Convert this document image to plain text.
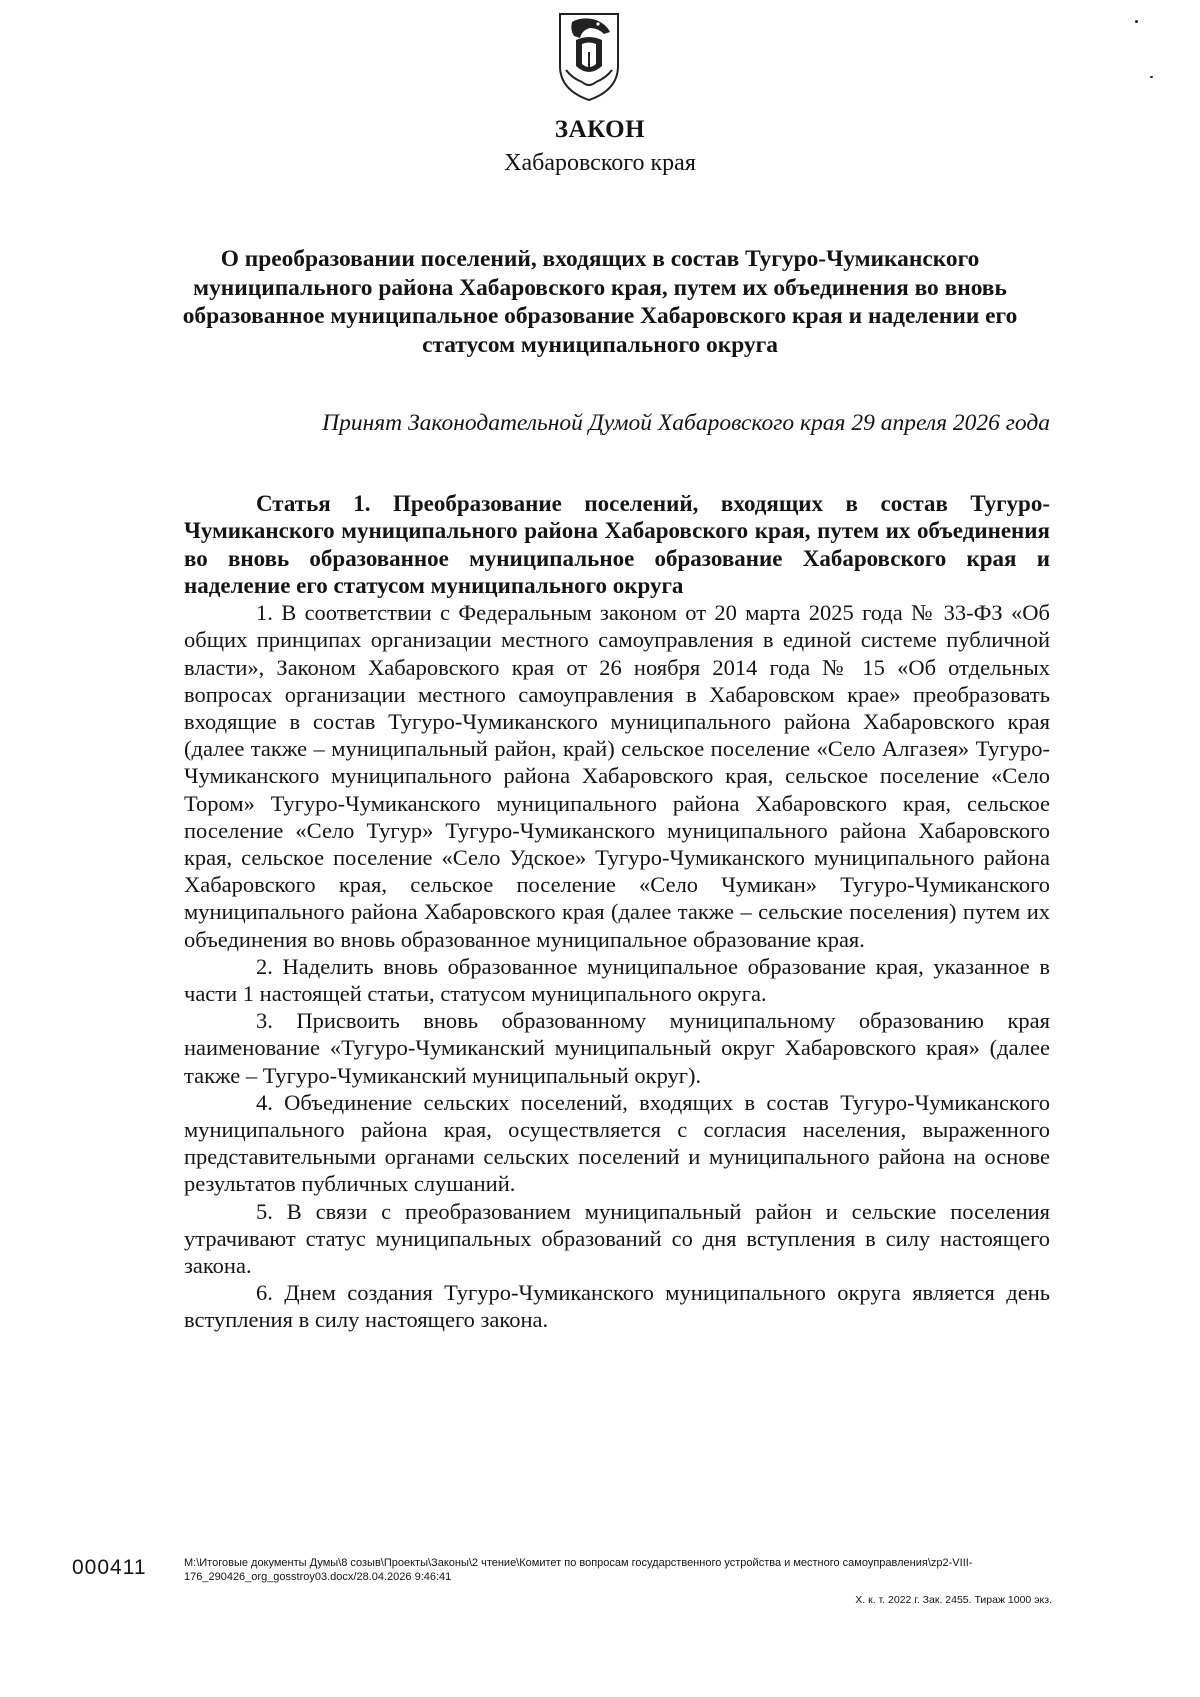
ЗАКОН
Хабаровского края
О преобразовании поселений, входящих в состав Тугуро-Чумиканского муниципального района Хабаровского края, путем их объединения во вновь образованное муниципальное образование Хабаровского края и наделении его статусом муниципального округа
Принят Законодательной Думой Хабаровского края 29 апреля 2026 года

Статья 1. Преобразование поселений, входящих в состав Тугуро-Чумиканского муниципального района Хабаровского края, путем их объединения во вновь образованное муниципальное образование Хабаровского края и наделение его статусом муниципального округа

1. В соответствии с Федеральным законом от 20 марта 2025 года № 33-ФЗ «Об общих принципах организации местного самоуправления в единой системе публичной власти», Законом Хабаровского края от 26 ноября 2014 года № 15 «Об отдельных вопросах организации местного самоуправления в Хабаровском крае» преобразовать входящие в состав Тугуро-Чумиканского муниципального района Хабаровского края (далее также – муниципальный район, край) сельское поселение «Село Алгазея» Тугуро-Чумиканского муниципального района Хабаровского края, сельское поселение «Село Тором» Тугуро-Чумиканского муниципального района Хабаровского края, сельское поселение «Село Тугур» Тугуро-Чумиканского муниципального района Хабаровского края, сельское поселение «Село Удское» Тугуро-Чумиканского муниципального района Хабаровского края, сельское поселение «Село Чумикан» Тугуро-Чумиканского муниципального района Хабаровского края (далее также – сельские поселения) путем их объединения во вновь образованное муниципальное образование края.

2. Наделить вновь образованное муниципальное образование края, указанное в части 1 настоящей статьи, статусом муниципального округа.

3. Присвоить вновь образованному муниципальному образованию края наименование «Тугуро-Чумиканский муниципальный округ Хабаровского края» (далее также – Тугуро-Чумиканский муниципальный округ).

4. Объединение сельских поселений, входящих в состав Тугуро-Чумиканского муниципального района края, осуществляется с согласия населения, выраженного представительными органами сельских поселений и муниципального района на основе результатов публичных слушаний.

5. В связи с преобразованием муниципальный район и сельские поселения утрачивают статус муниципальных образований со дня вступления в силу настоящего закона.

6. Днем создания Тугуро-Чумиканского муниципального округа является день вступления в силу настоящего закона.

000411	M:\Итоговые документы Думы\8 созыв\Проекты\Законы\2 чтение\Комитет по вопросам государственного устройства и местного самоуправления\zp2-VIII-176_290426_org_gosstroy03.docx/28.04.2026 9:46:41
Х. к. т. 2022 г. Зак. 2455. Тираж 1000 экз.
